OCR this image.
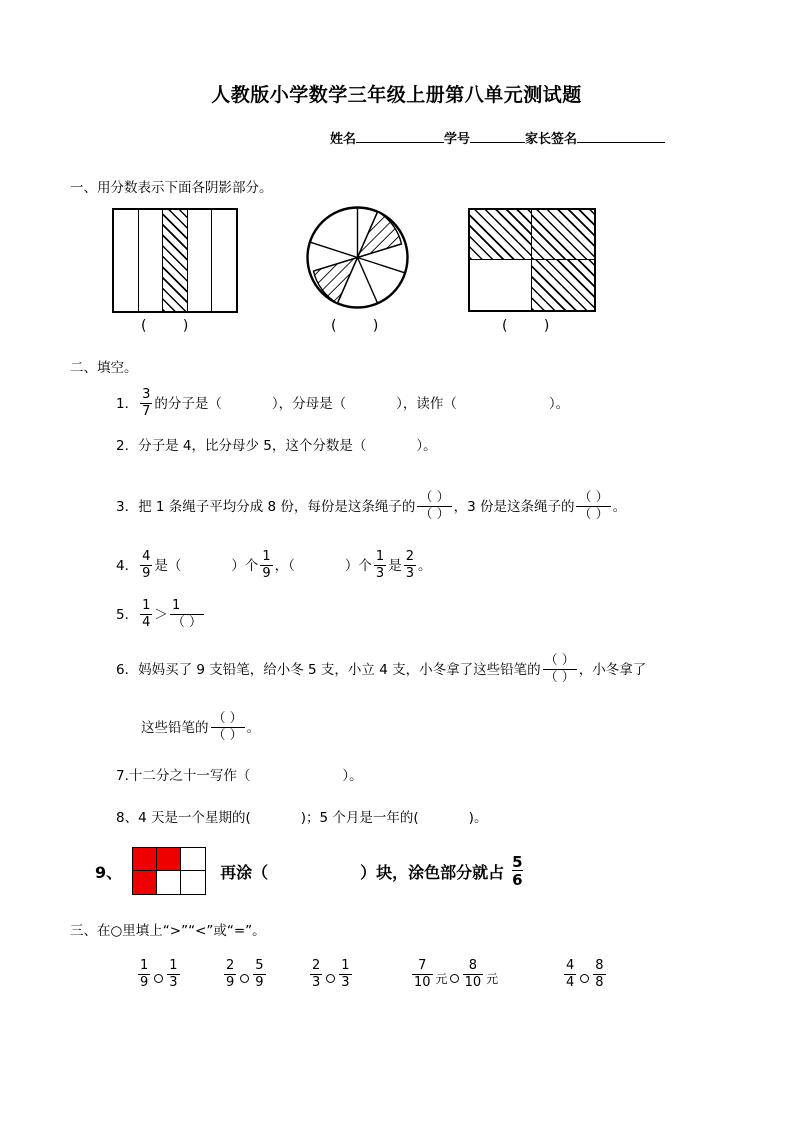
人教版小学数学三年级上册第八单元测试题
姓名	学号	家长签名
一、用分数表示下面各阴影部分。
( )	( )	( )
二、填空。
1． $\frac{3}{7}$ 的分子是（	），分母是（	），读作（	）。
2．分子是 4，比分母少 5，这个分数是（	）。
3．把 1 条绳子平均分成 8 份，每份是这条绳子的 $\frac{( )}{( )}$ ，3 份是这条绳子的 $\frac{( )}{( )}$ 。
4． $\frac{4}{9}$ 是（	）个 $\frac{1}{9}$ ，（	）个 $\frac{1}{3}$ 是 $\frac{2}{3}$ 。
5． $\frac{1}{4} > \frac{1}{( )}$
6．妈妈买了 9 支铅笔，给小冬 5 支，小立 4 支，小冬拿了这些铅笔的 $\frac{( )}{( )}$ ，小冬拿了
这些铅笔的 $\frac{( )}{( )}$ 。
7.十二分之十一写作（	）。
8、4 天是一个星期的(	)；5 个月是一年的(	)。
9、	再涂（	）块，涂色部分就占 $\frac{5}{6}$
三、在○里填上“>”“<”或“=”。
$\frac{1}{9} \frac{1}{3}$	$\frac{2}{9} \frac{5}{9}$	$\frac{2}{3} \frac{1}{3}$	$\frac{7}{10}$ 元 $\frac{8}{10}$ 元	$\frac{4}{4} \frac{8}{8}$
